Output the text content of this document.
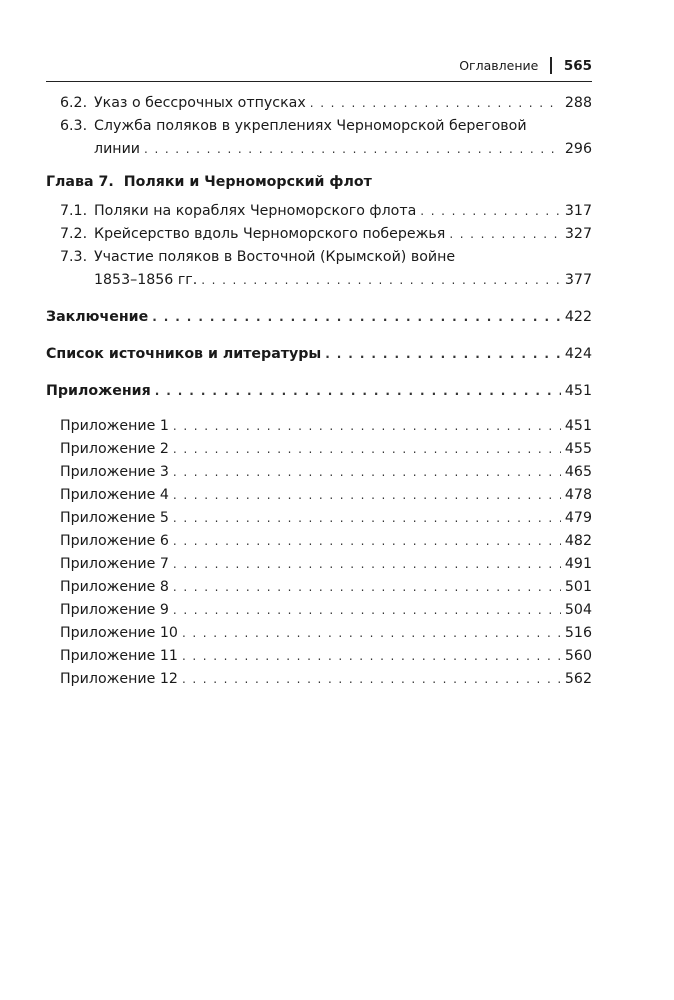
Оглавление 565
6.2. Указ о бессрочных отпусках . . .	288
6.3. Служба поляков в укреплениях Черноморской береговой
линии . . .	296
Глава 7. Поляки и Черноморский флот
7.1. Поляки на кораблях Черноморского флота . . .	317
7.2. Крейсерство вдоль Черноморского побережья . . .	327
7.3. Участие поляков в Восточной (Крымской) войне
1853–1856 гг. . . .	377
Заключение . . .	422
Список источников и литературы . . .	424
Приложения . . .	451
Приложение 1 . . .	451
Приложение 2 . . .	455
Приложение 3 . . .	465
Приложение 4 . . .	478
Приложение 5 . . .	479
Приложение 6 . . .	482
Приложение 7 . . .	491
Приложение 8 . . .	501
Приложение 9 . . .	504
Приложение 10 . . .	516
Приложение 11 . . .	560
Приложение 12 . . .	562
